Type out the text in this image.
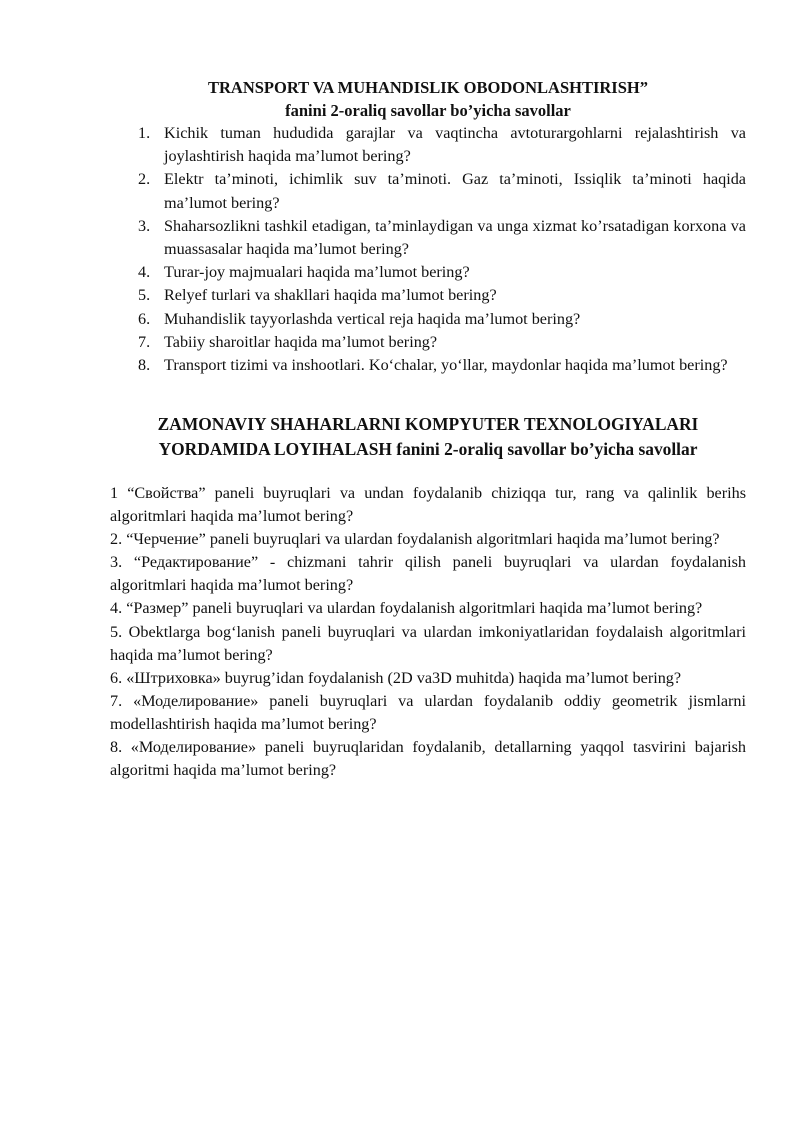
TRANSPORT VA MUHANDISLIK OBODONLASHTIRISH”

fanini 2-oraliq savollar bo’yicha savollar

1. Kichik tuman hududida garajlar va vaqtincha avtoturargohlarni rejalashtirish va joylashtirish haqida ma’lumot bering?
2. Elektr ta’minoti, ichimlik suv ta’minoti. Gaz ta’minoti, Issiqlik ta’minoti haqida ma’lumot bering?
3. Shaharsozlikni tashkil etadigan, ta’minlaydigan va unga xizmat ko’rsatadigan korxona va muassasalar haqida ma’lumot bering?
4. Turar-joy majmualari haqida ma’lumot bering?
5. Relyef turlari va shakllari haqida ma’lumot bering?
6. Muhandislik tayyorlashda vertical reja haqida ma’lumot bering?
7. Tabiiy sharoitlar haqida ma’lumot bering?
8. Transport tizimi va inshootlari. Ko‘chalar, yo‘llar, maydonlar haqida ma’lumot bering?

ZAMONAVIY SHAHARLARNI KOMPYUTER TEXNOLOGIYALARI

YORDAMIDA LOYIHALASH fanini 2-oraliq savollar bo’yicha savollar

1 “Свойства” paneli buyruqlari va undan foydalanib chiziqqa tur, rang va qalinlik berihs algoritmlari haqida ma’lumot bering?

2. “Черчение” paneli buyruqlari va ulardan foydalanish algoritmlari haqida ma’lumot bering?

3. “Редактирование” - chizmani tahrir qilish paneli buyruqlari va ulardan foydalanish algoritmlari haqida ma’lumot bering?

4. “Размер” paneli buyruqlari va ulardan foydalanish algoritmlari haqida ma’lumot bering?

5. Obektlarga bog‘lanish paneli buyruqlari va ulardan imkoniyatlaridan foydalaish algoritmlari haqida ma’lumot bering?

6. «Штриховка» buyrug’idan foydalanish (2D va3D muhitda) haqida ma’lumot bering?

7. «Моделирование» paneli buyruqlari va ulardan foydalanib oddiy geometrik jismlarni modellashtirish haqida ma’lumot bering?

8. «Моделирование» paneli buyruqlaridan foydalanib, detallarning yaqqol tasvirini bajarish algoritmi haqida ma’lumot bering?
